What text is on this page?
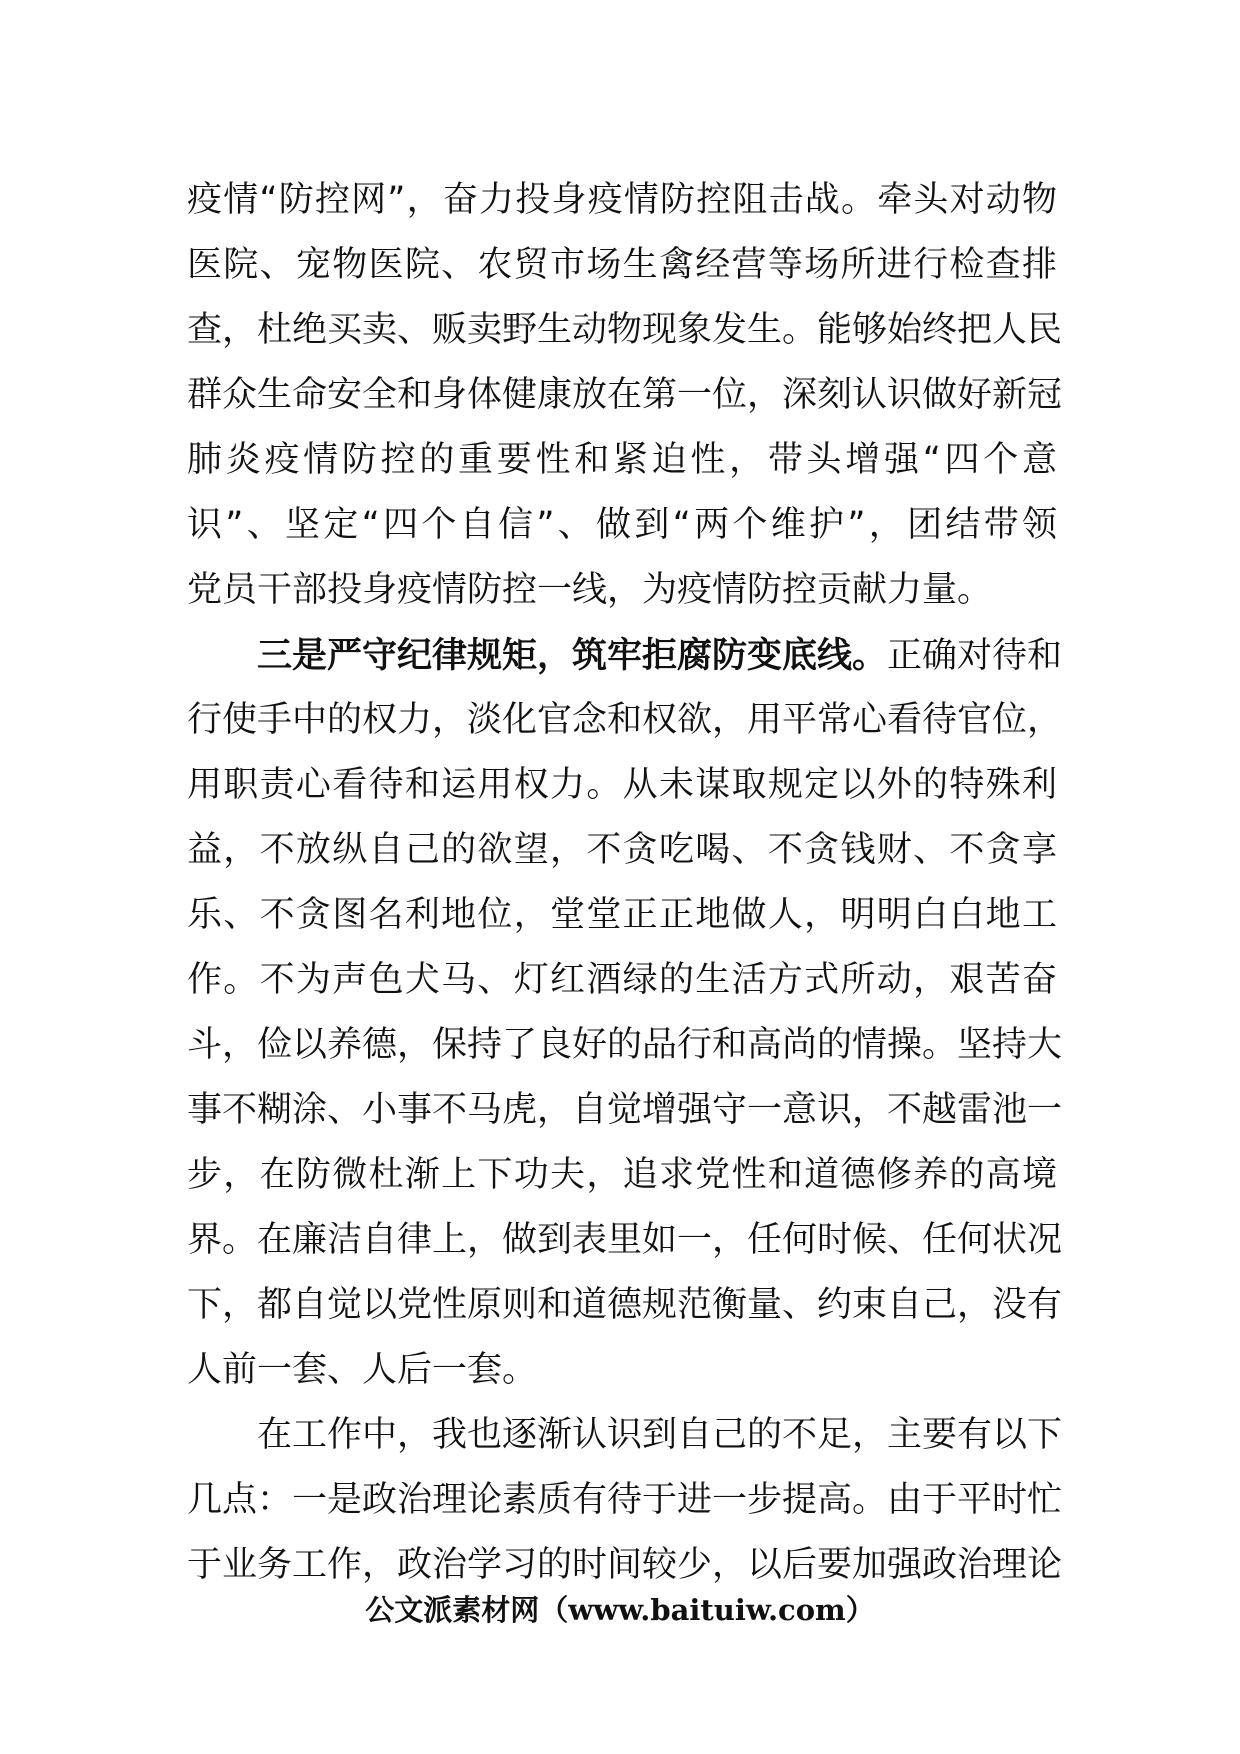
疫情“防控网”，奋力投身疫情防控阻击战。牵头对动物
医院、宠物医院、农贸市场生禽经营等场所进行检查排
查，杜绝买卖、贩卖野生动物现象发生。能够始终把人民
群众生命安全和身体健康放在第一位，深刻认识做好新冠
肺炎疫情防控的重要性和紧迫性，带头增强“四个意
识”、坚定“四个自信”、做到“两个维护”，团结带领
党员干部投身疫情防控一线，为疫情防控贡献力量。
三是严守纪律规矩，筑牢拒腐防变底线。正确对待和
行使手中的权力，淡化官念和权欲，用平常心看待官位，
用职责心看待和运用权力。从未谋取规定以外的特殊利
益，不放纵自己的欲望，不贪吃喝、不贪钱财、不贪享
乐、不贪图名利地位，堂堂正正地做人，明明白白地工
作。不为声色犬马、灯红酒绿的生活方式所动，艰苦奋
斗，俭以养德，保持了良好的品行和高尚的情操。坚持大
事不糊涂、小事不马虎，自觉增强守一意识，不越雷池一
步，在防微杜渐上下功夫，追求党性和道德修养的高境
界。在廉洁自律上，做到表里如一，任何时候、任何状况
下，都自觉以党性原则和道德规范衡量、约束自己，没有
人前一套、人后一套。
在工作中，我也逐渐认识到自己的不足，主要有以下
几点：一是政治理论素质有待于进一步提高。由于平时忙
于业务工作，政治学习的时间较少，以后要加强政治理论
公文派素材网（www.baituiw.com）
